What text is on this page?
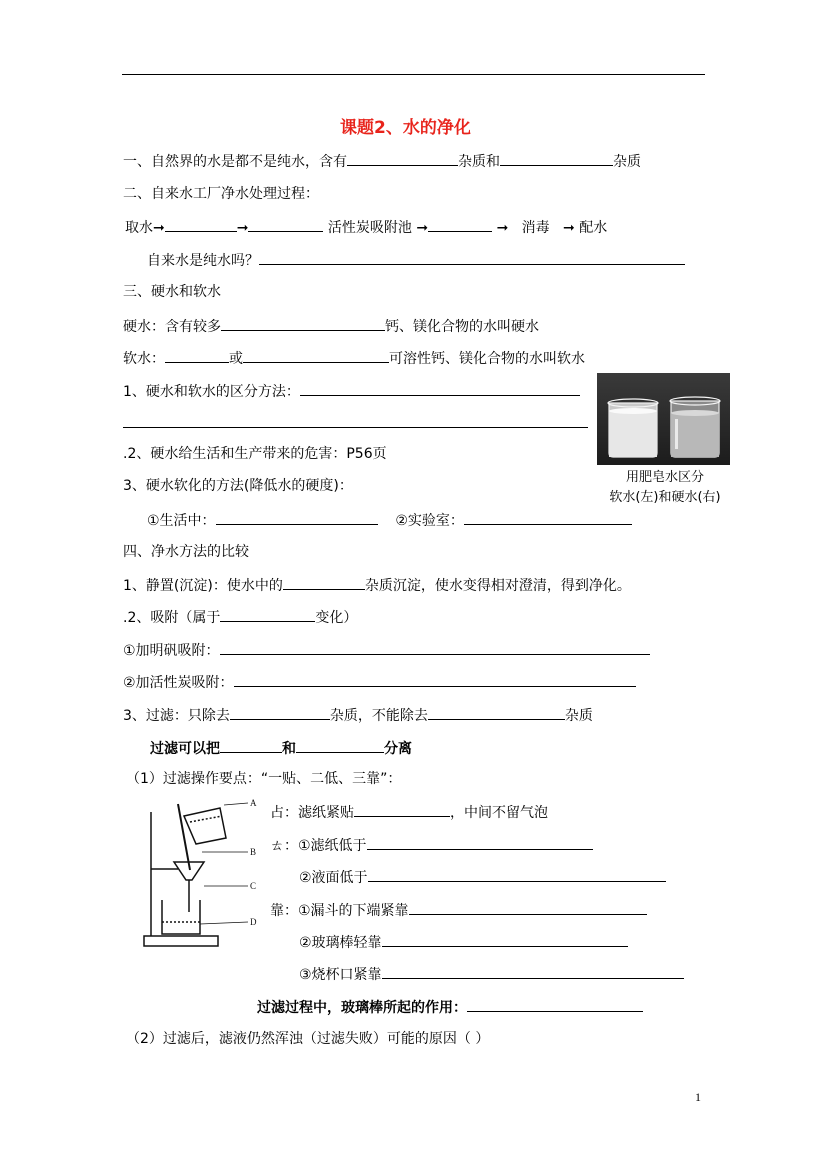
课题2、水的净化
一、自然界的水是都不是纯水，含有	杂质和	杂质
二、自来水工厂净水处理过程：
取水➞	➞	活性炭吸附池 ➞	➞ 消毒 ➞ 配水
自来水是纯水吗？
三、硬水和软水
硬水：含有较多	钙、镁化合物的水叫硬水
软水：	或	可溶性钙、镁化合物的水叫软水
1、硬水和软水的区分方法：
.2、硬水给生活和生产带来的危害：P56页
3、硬水软化的方法(降低水的硬度)：
①生活中：	②实验室：
用肥皂水区分
软水(左)和硬水(右)
四、净水方法的比较
1、静置(沉淀)：使水中的	杂质沉淀，使水变得相对澄清，得到净化。
.2、吸附（属于	变化）
①加明矾吸附：
②加活性炭吸附：
3、过滤：只除去	杂质，不能除去	杂质
过滤可以把	和	分离
（1）过滤操作要点：“一贴、二低、三靠”：
A
B
C
D
占：滤纸紧贴	，中间不留气泡
ㄊ：①滤纸低于
②液面低于
靠：①漏斗的下端紧靠
②玻璃棒轻靠
③烧杯口紧靠
过滤过程中，玻璃棒所起的作用：
（2）过滤后，滤液仍然浑浊（过滤失败）可能的原因（ ）
1
